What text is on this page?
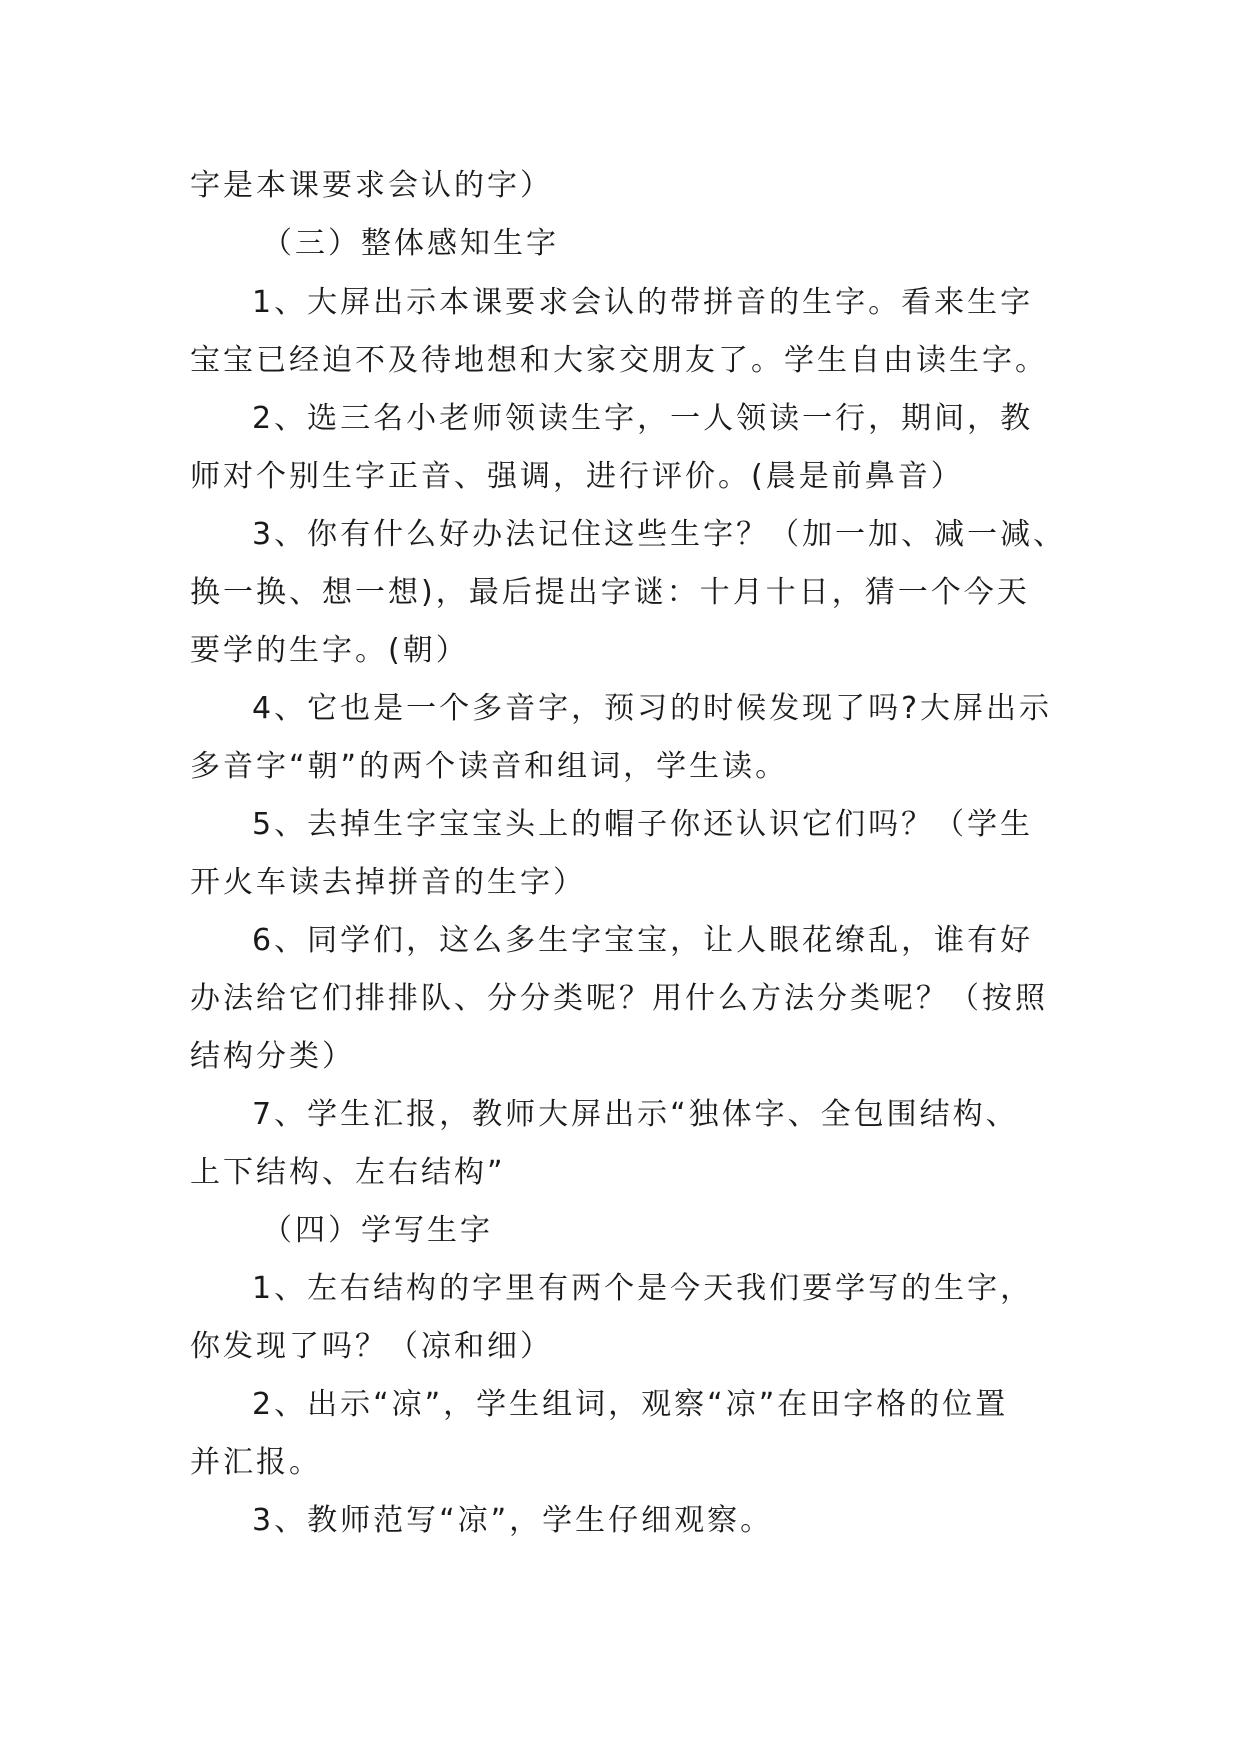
字是本课要求会认的字）
（三）整体感知生字
1、大屏出示本课要求会认的带拼音的生字。看来生字
宝宝已经迫不及待地想和大家交朋友了。学生自由读生字。
2、选三名小老师领读生字，一人领读一行，期间，教
师对个别生字正音、强调，进行评价。(晨是前鼻音）
3、你有什么好办法记住这些生字？（加一加、减一减、
换一换、想一想)，最后提出字谜：十月十日，猜一个今天
要学的生字。(朝）
4、它也是一个多音字，预习的时候发现了吗?大屏出示
多音字“朝”的两个读音和组词，学生读。
5、去掉生字宝宝头上的帽子你还认识它们吗？（学生
开火车读去掉拼音的生字）
6、同学们，这么多生字宝宝，让人眼花缭乱，谁有好
办法给它们排排队、分分类呢？用什么方法分类呢？（按照
结构分类）
7、学生汇报，教师大屏出示“独体字、全包围结构、
上下结构、左右结构”
（四）学写生字
1、左右结构的字里有两个是今天我们要学写的生字，
你发现了吗？（凉和细）
2、出示“凉”，学生组词，观察“凉”在田字格的位置
并汇报。
3、教师范写“凉”，学生仔细观察。
